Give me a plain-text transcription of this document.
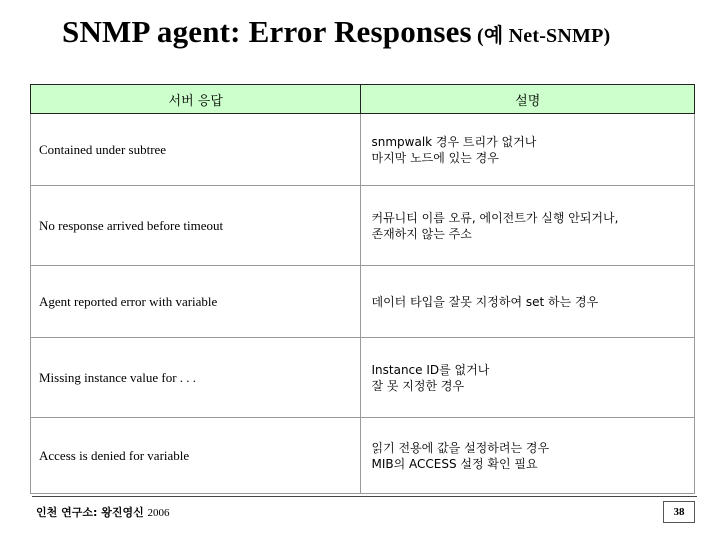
SNMP agent: Error Responses (예 Net-SNMP)
서버 응답	설명
Contained under subtree	snmpwalk 경우 트리가 없거나
마지막 노드에 있는 경우

No response arrived before timeout	커뮤니티 이름 오류, 에이전트가 실행 안되거나,
존재하지 않는 주소

Agent reported error with variable	데이터 타입을 잘못 지정하여 set 하는 경우

Missing instance value for . . .	Instance ID를 없거나
잘 못 지정한 경우

Access is denied for variable	읽기 전용에 값을 설정하려는 경우
MIB의 ACCESS 설정 확인 필요
인천 연구소: 왕진영신 2006	38
